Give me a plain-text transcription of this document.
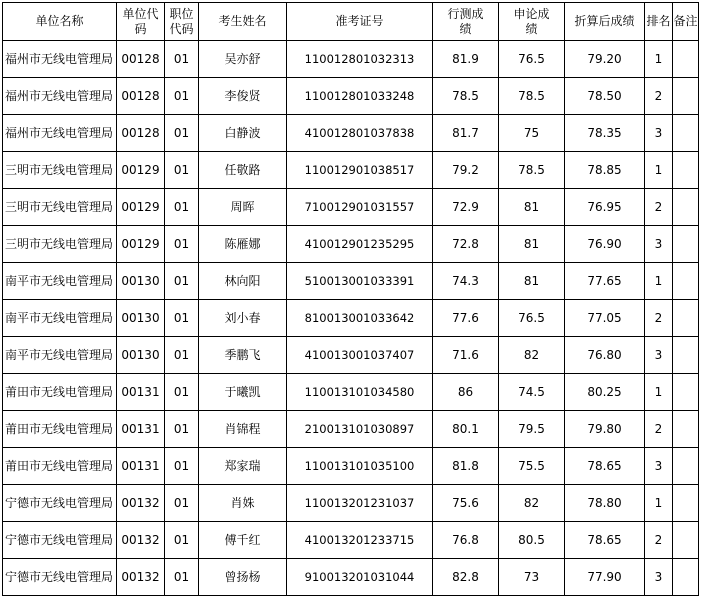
单位名称	单位代码	职位代码	考生姓名	准考证号	行测成绩	申论成绩	折算后成绩	排名	备注
福州市无线电管理局	00128	01	吴亦舒	110012801032313	81.9	76.5	79.20	1	
福州市无线电管理局	00128	01	李俊贤	110012801033248	78.5	78.5	78.50	2	
福州市无线电管理局	00128	01	白静波	410012801037838	81.7	75	78.35	3	
三明市无线电管理局	00129	01	任敬路	110012901038517	79.2	78.5	78.85	1	
三明市无线电管理局	00129	01	周晖	710012901031557	72.9	81	76.95	2	
三明市无线电管理局	00129	01	陈雁娜	410012901235295	72.8	81	76.90	3	
南平市无线电管理局	00130	01	林向阳	510013001033391	74.3	81	77.65	1	
南平市无线电管理局	00130	01	刘小春	810013001033642	77.6	76.5	77.05	2	
南平市无线电管理局	00130	01	季鹏飞	410013001037407	71.6	82	76.80	3	
莆田市无线电管理局	00131	01	于曦凯	110013101034580	86	74.5	80.25	1	
莆田市无线电管理局	00131	01	肖锦程	210013101030897	80.1	79.5	79.80	2	
莆田市无线电管理局	00131	01	郑家瑞	110013101035100	81.8	75.5	78.65	3	
宁德市无线电管理局	00132	01	肖姝	110013201231037	75.6	82	78.80	1	
宁德市无线电管理局	00132	01	傅千红	410013201233715	76.8	80.5	78.65	2	
宁德市无线电管理局	00132	01	曾扬杨	910013201031044	82.8	73	77.90	3	
